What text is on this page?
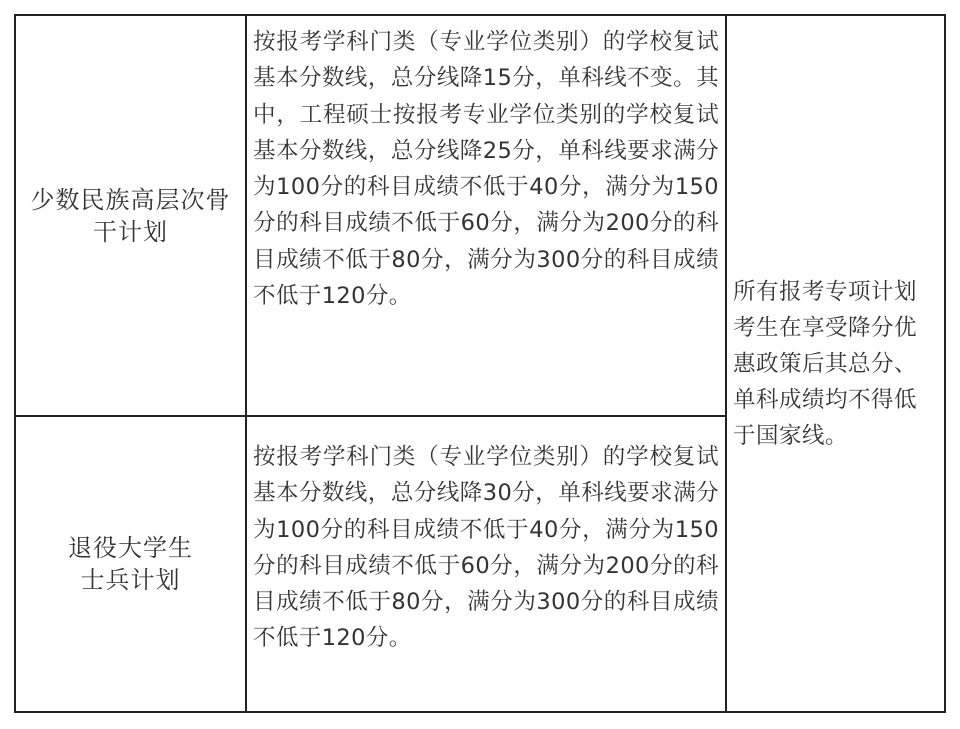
少数民族高层次骨干计划
按报考学科门类（专业学位类别）的学校复试基本分数线，总分线降15分，单科线不变。其中，工程硕士按报考专业学位类别的学校复试基本分数线，总分线降25分，单科线要求满分为100分的科目成绩不低于40分，满分为150分的科目成绩不低于60分，满分为200分的科目成绩不低于80分，满分为300分的科目成绩不低于120分。
退役大学生士兵计划
按报考学科门类（专业学位类别）的学校复试基本分数线，总分线降30分，单科线要求满分为100分的科目成绩不低于40分，满分为150分的科目成绩不低于60分，满分为200分的科目成绩不低于80分，满分为300分的科目成绩不低于120分。
所有报考专项计划考生在享受降分优惠政策后其总分、单科成绩均不得低于国家线。
